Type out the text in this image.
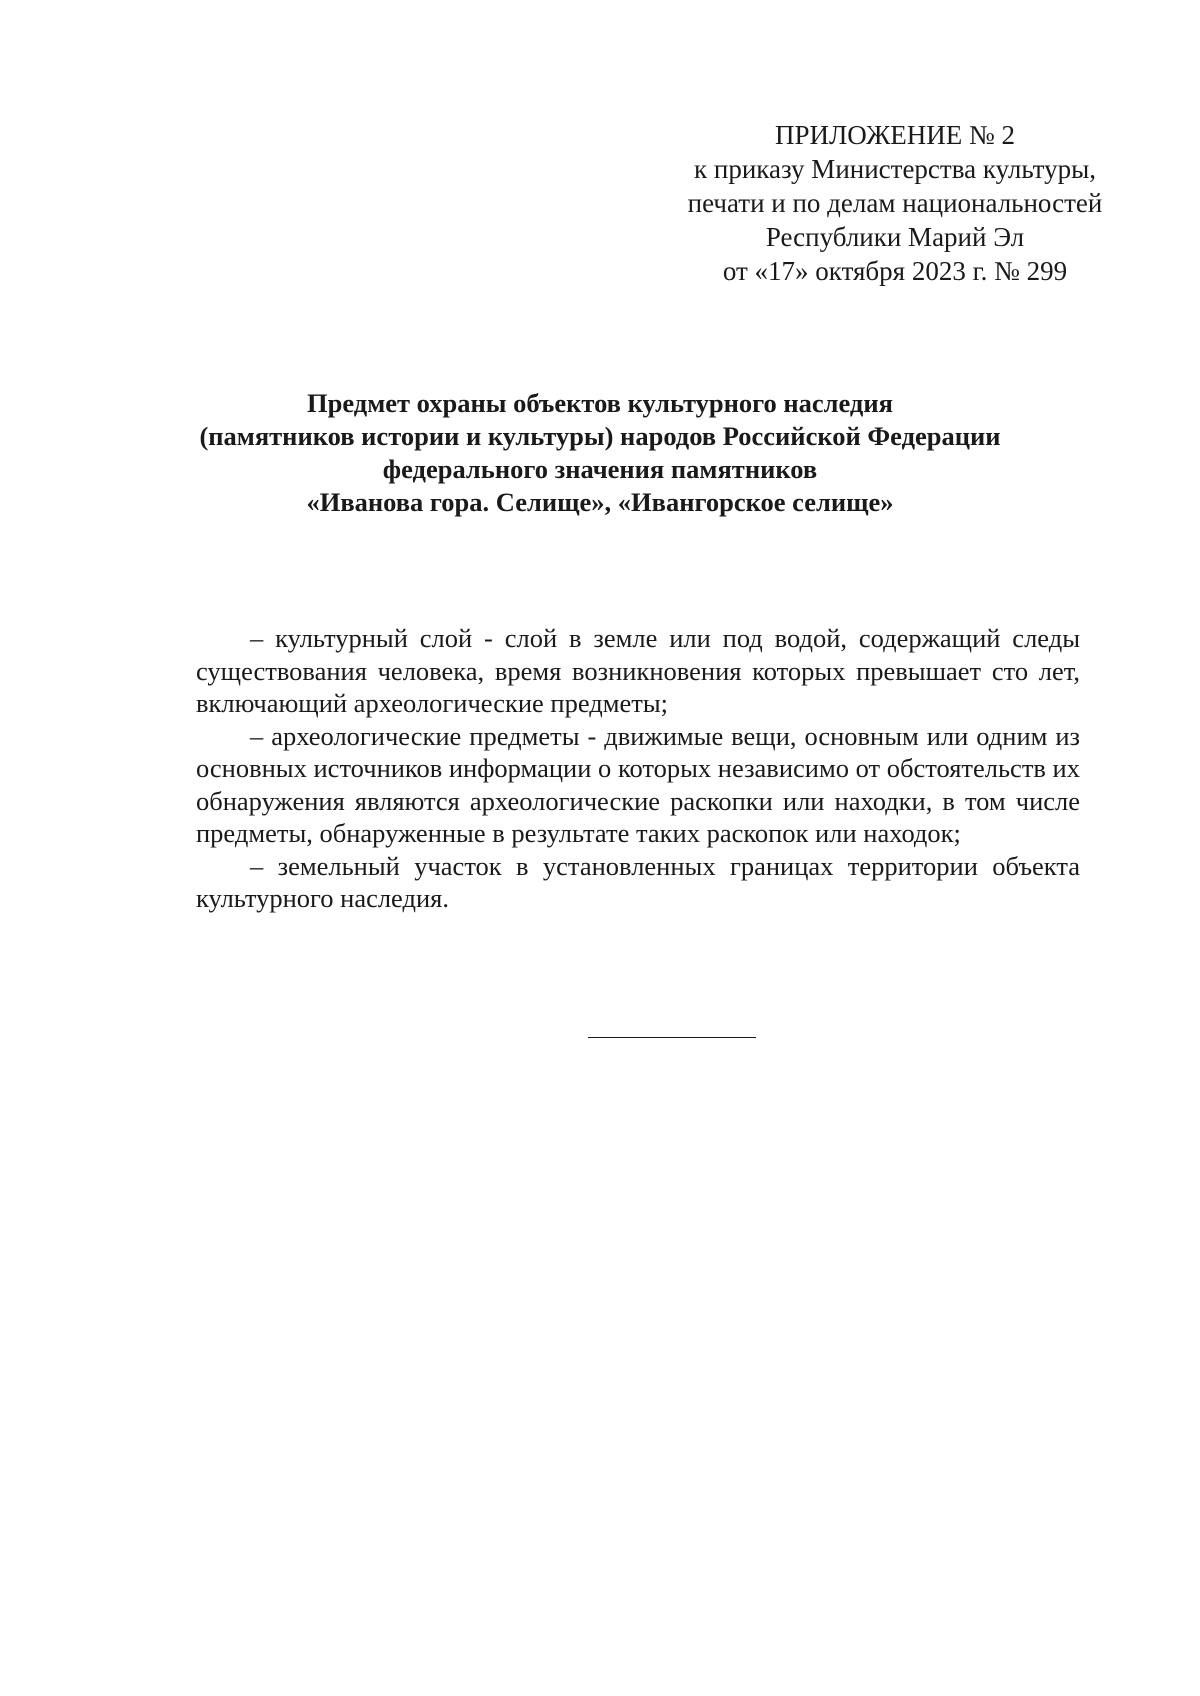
ПРИЛОЖЕНИЕ № 2
к приказу Министерства культуры,
печати и по делам национальностей
Республики Марий Эл
от «17» октября 2023 г. № 299
Предмет охраны объектов культурного наследия
(памятников истории и культуры) народов Российской Федерации
федерального значения памятников
«Иванова гора. Селище», «Ивангорское селище»

– культурный слой - слой в земле или под водой, содержащий следы существования человека, время возникновения которых превышает сто лет, включающий археологические предметы;

– археологические предметы - движимые вещи, основным или одним из основных источников информации о которых независимо от обстоятельств их обнаружения являются археологические раскопки или находки, в том числе предметы, обнаруженные в результате таких раскопок или находок;

– земельный участок в установленных границах территории объекта культурного наследия.
